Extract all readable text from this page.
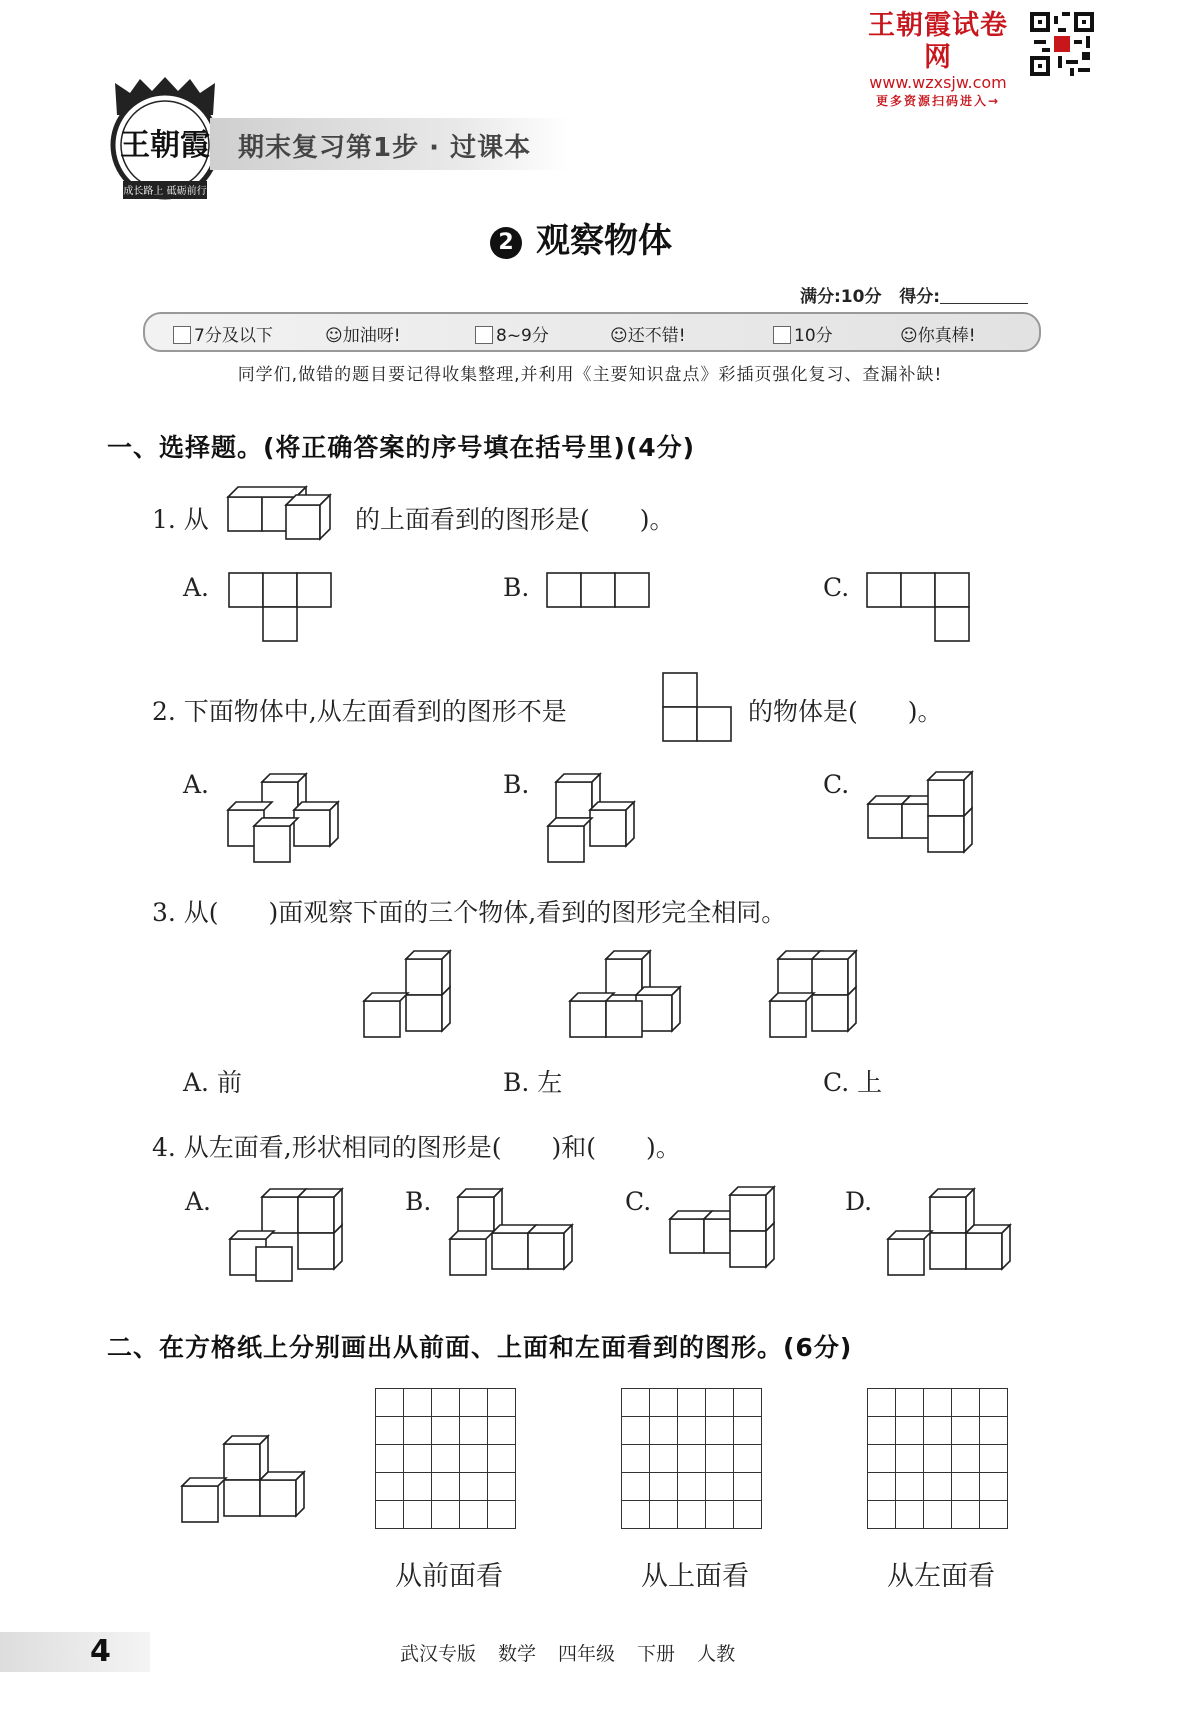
王朝霞试卷网
www.wzxsjw.com
更多资源扫码进入→
成长路上 砥砺前行
王朝霞 期末复习第1步 · 过课本
2 观察物体
满分:10分 得分:
7分及以下	☺加油呀!	8~9分	☺还不错!	10分	☺你真棒!
同学们,做错的题目要记得收集整理,并利用《主要知识盘点》彩插页强化复习、查漏补缺!
一、选择题。(将正确答案的序号填在括号里)(4分)
1. 从	的上面看到的图形是(　　)。
A.	B.	C.
2. 下面物体中,从左面看到的图形不是	的物体是(　　)。
A.	B.	C.
3. 从(　　)面观察下面的三个物体,看到的图形完全相同。
A. 前	B. 左	C. 上
4. 从左面看,形状相同的图形是(　　)和(　　)。
A.	B.	C.	D.
二、在方格纸上分别画出从前面、上面和左面看到的图形。(6分)

从前面看	从上面看	从左面看
4	武汉专版 数学 四年级 下册 人教
